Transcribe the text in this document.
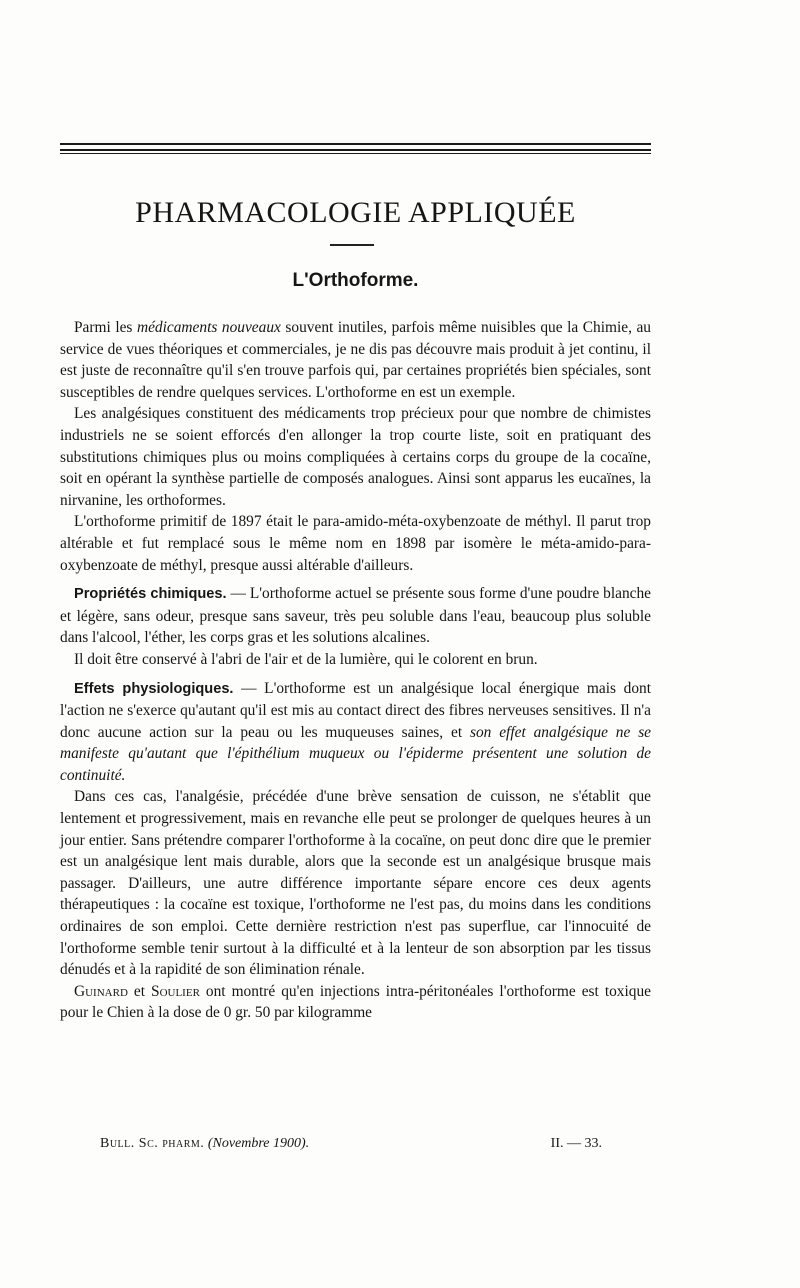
PHARMACOLOGIE APPLIQUÉE
L'Orthoforme.

Parmi les médicaments nouveaux souvent inutiles, parfois même nuisibles que la Chimie, au service de vues théoriques et commerciales, je ne dis pas découvre mais produit à jet continu, il est juste de reconnaître qu'il s'en trouve parfois qui, par certaines propriétés bien spéciales, sont susceptibles de rendre quelques services. L'orthoforme en est un exemple.

Les analgésiques constituent des médicaments trop précieux pour que nombre de chimistes industriels ne se soient efforcés d'en allonger la trop courte liste, soit en pratiquant des substitutions chimiques plus ou moins compliquées à certains corps du groupe de la cocaïne, soit en opérant la synthèse partielle de composés analogues. Ainsi sont apparus les eucaïnes, la nirvanine, les orthoformes.

L'orthoforme primitif de 1897 était le para-amido-méta-oxybenzoate de méthyl. Il parut trop altérable et fut remplacé sous le même nom en 1898 par isomère le méta-amido-para-oxybenzoate de méthyl, presque aussi altérable d'ailleurs.

Propriétés chimiques. — L'orthoforme actuel se présente sous forme d'une poudre blanche et légère, sans odeur, presque sans saveur, très peu soluble dans l'eau, beaucoup plus soluble dans l'alcool, l'éther, les corps gras et les solutions alcalines.

Il doit être conservé à l'abri de l'air et de la lumière, qui le colorent en brun.

Effets physiologiques. — L'orthoforme est un analgésique local énergique mais dont l'action ne s'exerce qu'autant qu'il est mis au contact direct des fibres nerveuses sensitives. Il n'a donc aucune action sur la peau ou les muqueuses saines, et son effet analgésique ne se manifeste qu'autant que l'épithélium muqueux ou l'épiderme présentent une solution de continuité.

Dans ces cas, l'analgésie, précédée d'une brève sensation de cuisson, ne s'établit que lentement et progressivement, mais en revanche elle peut se prolonger de quelques heures à un jour entier. Sans prétendre comparer l'orthoforme à la cocaïne, on peut donc dire que le premier est un analgésique lent mais durable, alors que la seconde est un analgésique brusque mais passager. D'ailleurs, une autre différence importante sépare encore ces deux agents thérapeutiques : la cocaïne est toxique, l'orthoforme ne l'est pas, du moins dans les conditions ordinaires de son emploi. Cette dernière restriction n'est pas superflue, car l'innocuité de l'orthoforme semble tenir surtout à la difficulté et à la lenteur de son absorption par les tissus dénudés et à la rapidité de son élimination rénale.

Guinard et Soulier ont montré qu'en injections intra-péritonéales l'orthoforme est toxique pour le Chien à la dose de 0 gr. 50 par kilogramme

Bull. Sc. pharm. (Novembre 1900).	II. — 33.
